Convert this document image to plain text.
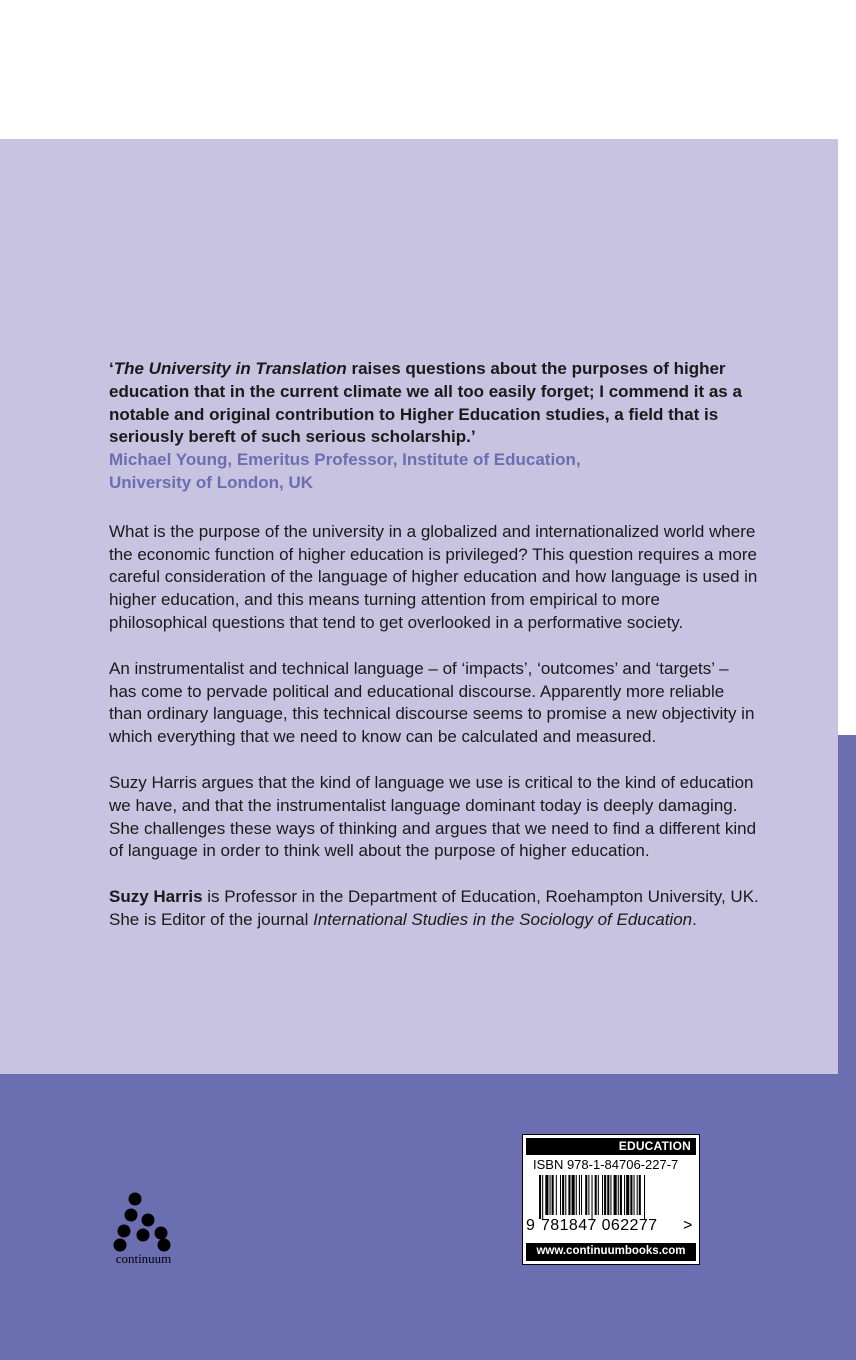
‘The University in Translation raises questions about the purposes of higher education that in the current climate we all too easily forget; I commend it as a notable and original contribution to Higher Education studies, a field that is seriously bereft of such serious scholarship.’

Michael Young, Emeritus Professor, Institute of Education,
University of London, UK

What is the purpose of the university in a globalized and internationalized world where the economic function of higher education is privileged? This question requires a more careful consideration of the language of higher education and how language is used in higher education, and this means turning attention from empirical to more philosophical questions that tend to get overlooked in a performative society.

An instrumentalist and technical language – of ‘impacts’, ‘outcomes’ and ‘targets’ – has come to pervade political and educational discourse. Apparently more reliable than ordinary language, this technical discourse seems to promise a new objectivity in which everything that we need to know can be calculated and measured.

Suzy Harris argues that the kind of language we use is critical to the kind of education we have, and that the instrumentalist language dominant today is deeply damaging. She challenges these ways of thinking and argues that we need to find a different kind of language in order to think well about the purpose of higher education.

Suzy Harris is Professor in the Department of Education, Roehampton University, UK. She is Editor of the journal International Studies in the Sociology of Education.

continuum
EDUCATION
ISBN 978-1-84706-227-7
9 781847 062277 >
www.continuumbooks.com
